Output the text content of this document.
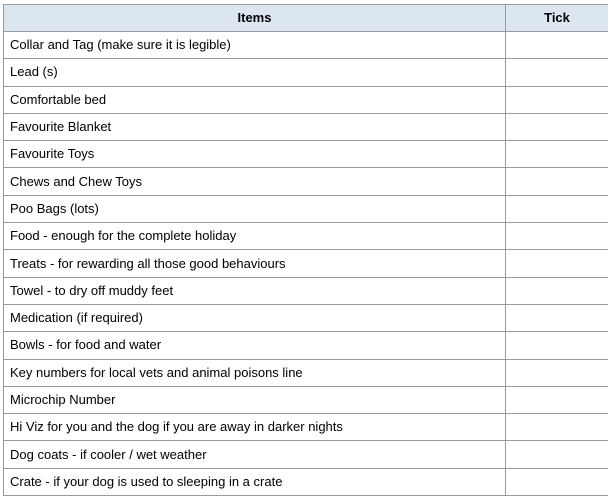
Items	Tick
Collar and Tag (make sure it is legible)	
Lead (s)	
Comfortable bed	
Favourite Blanket	
Favourite Toys	
Chews and Chew Toys	
Poo Bags (lots)	
Food - enough for the complete holiday	
Treats - for rewarding all those good behaviours	
Towel - to dry off muddy feet	
Medication (if required)	
Bowls - for food and water	
Key numbers for local vets and animal poisons line	
Microchip Number	
Hi Viz for you and the dog if you are away in darker nights	
Dog coats - if cooler / wet weather	
Crate - if your dog is used to sleeping in a crate	
